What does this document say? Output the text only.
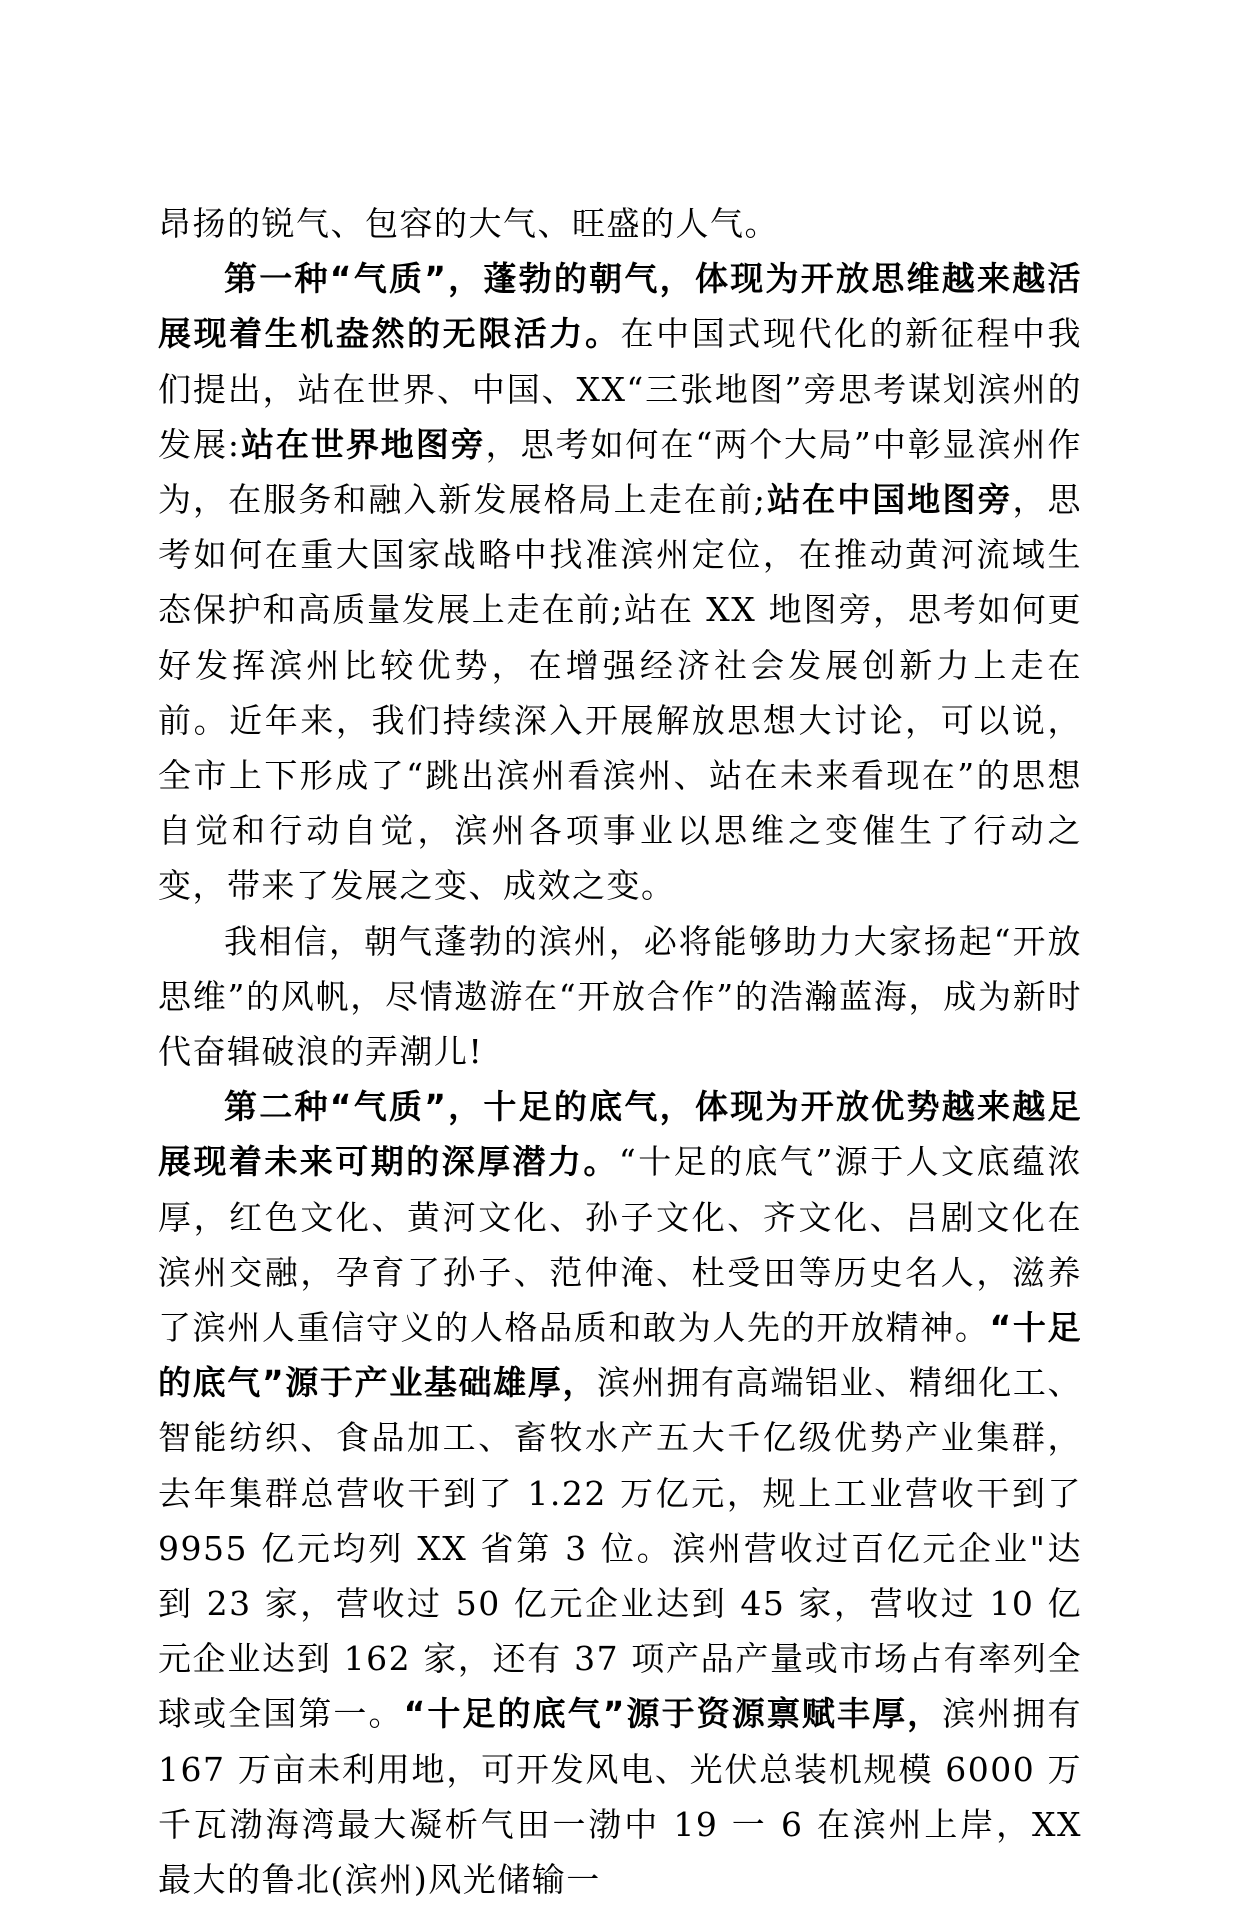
昂扬的锐气、包容的大气、旺盛的人气。

第一种“气质”，蓬勃的朝气，体现为开放思维越来越活展现着生机盎然的无限活力。在中国式现代化的新征程中我们提出，站在世界、中国、XX“三张地图”旁思考谋划滨州的发展:站在世界地图旁，思考如何在“两个大局”中彰显滨州作为，在服务和融入新发展格局上走在前;站在中国地图旁，思考如何在重大国家战略中找准滨州定位，在推动黄河流域生态保护和高质量发展上走在前;站在 XX 地图旁，思考如何更好发挥滨州比较优势，在增强经济社会发展创新力上走在前。近年来，我们持续深入开展解放思想大讨论，可以说，全市上下形成了“跳出滨州看滨州、站在未来看现在”的思想自觉和行动自觉，滨州各项事业以思维之变催生了行动之变，带来了发展之变、成效之变。

我相信，朝气蓬勃的滨州，必将能够助力大家扬起“开放思维”的风帆，尽情遨游在“开放合作”的浩瀚蓝海，成为新时代奋辑破浪的弄潮儿!

第二种“气质”，十足的底气，体现为开放优势越来越足展现着未来可期的深厚潜力。“十足的底气”源于人文底蕴浓厚，红色文化、黄河文化、孙子文化、齐文化、吕剧文化在滨州交融，孕育了孙子、范仲淹、杜受田等历史名人，滋养了滨州人重信守义的人格品质和敢为人先的开放精神。“十足的底气”源于产业基础雄厚，滨州拥有高端铝业、精细化工、智能纺织、食品加工、畜牧水产五大千亿级优势产业集群，去年集群总营收干到了 1.22 万亿元，规上工业营收干到了 9955 亿元均列 XX 省第 3 位。滨州营收过百亿元企业"达到 23 家，营收过 50 亿元企业达到 45 家，营收过 10 亿元企业达到 162 家，还有 37 项产品产量或市场占有率列全球或全国第一。“十足的底气”源于资源禀赋丰厚，滨州拥有 167 万亩未利用地，可开发风电、光伏总装机规模 6000 万千瓦渤海湾最大凝析气田一渤中 19 一 6 在滨州上岸，XX 最大的鲁北(滨州)风光储输一
